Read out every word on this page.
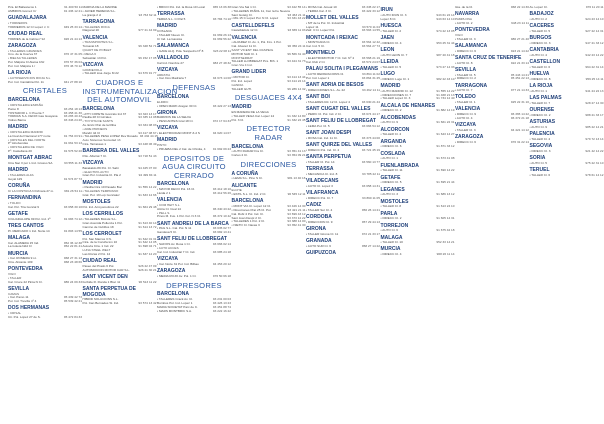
Pza. El Ballesteros 1	91 400 50 11
AMBROS Gomez C/	91 436 12 21
GUADALAJARA
• TORREROS
TORREROS 12 C/ Lopez J. C	949 25 33 14
CIUDAD REAL
TORRES de la Cabra n°12	926 21 44 13
ZARAGOZA
• TALLERES GRANDES
Cno. de la Cuerva 37	976 47 31 05
• BIELSA TALLERES
Pol. Malpica Cl Alama 1Nz	976 57 36 04
Pol. Ind. Malpica 1 /	976 46 70 12
LA RIOJA
• AUTOSERVICIOS RIOJA S.L
Pol. Ind. Cantabria Pol. 11	941 27 88 10
CRISTALES
BARCELONA
• CRISTALERIA ESPAÑA
Pamo 8	93 254 18 13
TOSTADOR L. C Puerta 7	93 458 41 30
TORRAS S.A. FENIX Gas Guayana 93 265 40 43
Vidres Barna	93 346 24 20
MADRID
• CRISTALERIA MADRID
La Cual del Nacional 177 norte	91 754 03 91
• CRISTALES DEL NORTE
Pº Alcobendas	91 661 53 13
• CRISTALERIA DE VIGO
Pº. Castellana 20	91 576 52 20
MONTGAT ABRAC
Ctra Nac II por L Ind. Grosso SA	93 555 11 33
MADRID
• TALLERES ALFA
Goyal 129	91 574 87 73
CORUÑA
C/ LA COSTUCA N D/mara 27 m.	981 26 54 11
FERNANDINA
• TOLDO
Cal. Pol. Tria Gonzal 9	93 658 30 10
GETAFE
C/GUADALUPE 99 Pol. Ind. 1ª	91 683 74 12
TRES CANTOS
Pl. MERCADO 1 Ind. Norte 14	91 803 14 55
MALAGA
Cal. ALAMEDA 15 Ind.	952 36 12 38
La Goleta Ndd C/	952 22 81 41
MURCIA
• Cal. ROMERA 9 s.l.	968 27 31 13
Ctra. Alicante 109	968 23 48 66
PONTEVEDRA
VIGO
• TALLER
Cal. Cruce 22 Pinta N Cl.	986 24 09 33
SEVILLA
CAMAS
• Cal. Pamo 11	95 439 42 73
Pol. Ind. Trevilla nº 4	95 539 42 21
DOS HERMANAS
• CRISAL
Ctr. Pol. Lopez 27 de S.	95 472 84 33
MARINA DE LA MARINE
• JAVIER HEREDIA S.L.
La granja 2 cl	93 763 62 11
TARRAGONA
• TALLERES ROCA
Diagonal 20	977 21 44 99
VALENCIA
• TRANSPORTES S.L.
Tomacat 18	96 348 52 71
QUART DE POBLET
• MEGA 6
Sebastián 13 Pol.	96 152 17 05
VIZCAYA
GORDEXOLA
• TALLER Lisa Jorge M 22	94 679 91 77
CUADROS E INSTRUMENTALIZACION DEL AUTOMOVIL
BARCELONA
• ATTI COPETE Gonzalo Ind 37	93 323 13 17
Pasilla 28 Cl Girrales	93 335 14 08
• TOYOTA DE SANTS
Av. Enric Prat de la Riba	93 334 08 03
• AIRE PIRINEOS
Mandri 44 Cl	93 417 08 67
• TALLERES PESA LOPEZ Rev Rosado 93 432 44 15
Auto Sistemas Sociedad 13
Ctra. Tarrassas 1	93 448 06 49
BARBERA DEL VALLES
Pdo. Alfarrat 7 Cl.	93 718 51 43
VIZCAYA
Barakaldo 89 Pol. Cl. Sabi	94 425 07 00
• ELECTRO-AUTO
Gran Pol. Industria Cl. Pla 2	94 499 84 11
MADRID
• Pasilla Ctra 10 Pasado Boc	91 556 14 22
• TALLERES TEMPRANO
Gral. Pol. 19 Lop Gonzalez	91 633 12 66
MOSTOLES
Pol. Ind. Arroyomolinos 22	91 664 29 48
LOS CERRILLOS
• TALLERES BALLE S.L.
Gran Avenida Pollenza 1 Pol.	91 613 40 14
Camino de Cubillos 18	91 614 13 72
LOS CERROLET
Pol. San Marcos 3 N.	91 642 01 31
Ctra. de la Coruña km 10	91 642 14 05
Autovía Ctra. 1 Ind. 22	91 698 04 71
LUNA STEEL WELT
Las Rozas 2 Pol. 12	91 637 12 20
CIUDAD REAL
Paseo del Prado 6 Pol.	926 22 47 09
AUTOMOCION MOTOR CAR S.L.	926 21 30 21
SANT VICENT DEN
Iturbide R. Ronda 1 Bloc 11	96 513 11 22
SANTA PERPETUA DE MOGODA
HIBRID SOLUCIONS S.L.
Pol. Can Bernades Sl. Ind.	93 574 13 42
• BRICO Pol. Ind. la Rosa 10 Local	965 13 06 38
TERRASSA
TERRA S.L. Cl Pal 5	93 784 74 10
MADRID
COSLADA
• TALLER Nuevo Cl.	91 669 26 13
C/ Ind. La Gaviota	91 669 56 22
SALAMANCA
• GAVE ALQ. Pda. Sanpedro Nº 8	923 22 08 11
VALLADOLID
Cal Ind. Nombre 27	983 27 48 32
VIZCAYA
ARRATIA
• Cal. Dos Madraza 7	94 673 14 00
DEFENSAS
BARCELONA
ELDRIC
• OPEN MARK Aragon 30 Cl.	93 422 27 13
GIRONA
BARRIOS DE LA SELVA
• PESCANTES Gral 18 Cl.	972 17 64 33
VIZCAYA
• ELECTRICIDAD MONT Z-2 S	94 620 14 07
MADRID
PINTO
• PRUEBA DEL 2 Cal. de Chinita, 4 91 692 09 23
DEPOSITOS DE AGUA CIRCUITO CERRADO
BARCELONA
• MAYOR DECO Pol. 16 Cl.	93 412 18 10
Lleida 2 1	93 412 56 26
VALENCIA
• COM HEIT S.L.
Alcira Cl. Cual 14	96 340 43 22
• PELL S.
Pinos M. Fus. 1 Pol. Fol. N 3 Cl.	96 372 10 42
SANT ANDREU DE LA BARCA
• PAG S.L. Cal. Pol. N 11	93 635 02 77
Gandesa 5 Cl.	93 682 13 41
SANT FELIU DE LLOBREGAT
• SAFIOS Av. Rosa 1 Cl.	93 666 02 14
• AUTO ACCES
Cal. Ind. Industrial 7 Cl. Ind.	93 685 24 18
VIZCAYA
• Cal. Norte 31 Pol. Ind. Bilbao	94 453 20 12
ZARAGOZA
• MEDIA ROJO Av. Pol. 1 Cl.	976 50 66 18
DEPRESORES
BARCELONA
• TALLERES Crack Av. Cl.	93 231 00 03
Burnitos Pol. Ind. Lopez 1	93 426 13 23
MARIA SOCIETAT Parc de C.	93 451 88 74
• MARS MONTBRIC S.A.	93 222 16 22
Gran Vía Sal 1 Cl.	93 422 55 14
• TALLERES PAÑOL 11, Cal. la Fe Nevera
Sant Goteig Cl.	93 463 21 11
• MG 15 C Lopez Pol. N Cl. Lopez	93 331 43 22
CASTELLDEFELS
Castelldefels 12 Cl.	93 665 11 03
VALENCIA
• ALVAREZ Cl. Av. 1, Pol. Fcs. 1 Pol.
Cal. Alvarez 11 Cl.	96 356 24 11
SANT VICENT DEL RASPEIG
MOTOR SAD Cl. 1	96 566 31 40
MONTSERRAT
TALLER LLOBREGAT Pcs. Brh. 1	93 424 31 73
Gran Vía 4 Ind.
GRAND LIDER
• MOTOR Cl.	93 414 13 44
Pol. Ind. Lopez	93 414 22 14
GANDIA
TALLER GUTI.	96 286 14 32
DESGUACES 4X4
MADRID
EN MADERA DE LA VEGA
• TALLER VEGA Cal. Lopez 14	91 332 14 80
Pol. 3 Cl.	91 332 22 45
DETECTOR RADAR
BARCELONA
• AUTO RADAR Fra Cl.	93 351 41 13
Cortes 2 Cl.	93 354 09 21
DIRECCIONES
A CORUÑA
• LEMA S.L. Pino S Cl.	981 13 40 16
ALICANTE
ELCHE
• ESTIL S.L. Cl. Ind. 2 Cl.	96 545 12 11
BARCELONA
• MONT VIA Cl. Lopez 12 Cl.	93 426 14 30
• Direcciones Prat 25 Cl. Pol.	93 421 21 11
Cal. Rubí 4 Pol. Ind. Cl.	93 699 43 12
Sant Joan Despí 2 Cl.	93 373 12 22
• TALLERES 1 Pol. 2 Cl.	93 388 14 00
• NIETO Cl. Navas 3	93 352 41 30
• ROSA Cal. Ameal 10	93 345 22 17
• TERRA Cal. 3 Cl.	93 422 33 12
MOLLET DEL VALLES
• MT de la Pol. Cl. Industrial
Lopez 11	93 570 11 04
Zafr. 3 Cl. Lopez Pol.	93 593 14 55
MONTCADA I REIXAC
• MONTCADA Cl.	93 564 12 42
Cal. Ind. 5 Cl.	93 564 27 73
MONTMELO
• ELECTROMOTOR 7 Cl. Ind. Nº 4	93 568 21 19
Cal. Rub 2 Cl.	93 572 24 07
PALAU SOLITA I PLEGAMANS
• AUTO REPARACIONS Cl.	93 864 11 02
Pol. Ind. Lopez 1	93 864 31 25
SANT ADRIA DE BESOS
• DIRECCIONES S.L. Av. 22	93 462 14 11
SANT BOI
• TALLERES Rd. 12 Cl. Lopez 4	93 630 21 44
SANT CUGAT DEL VALLES
• PERIC Cl. Pol. Ind. 2 Cl.	93 674 44 17
SANT FELIU DE LLOBREGAT
• LEMA Pol. Cl. 5	93 666 54 12
SANT JOAN DESPI
• ROSA Cal. Ind. 11 Cl.	93 373 44 00
SANT QUIRZE DEL VALLES
• DIRECC Pol. Ind. Cl. 2	93 721 45 19
SANTA PERPETUA
• TALLER Cl. Pol. 14	93 560 13 77
TERRASSA
• MECANICA Cl. Ind. 8	93 785 22 11
VILADECANS
• AUTO Cl. Lopez 3	93 658 14 31
VILAFRANCA
• DIRECC Pol. Cl. 7	93 890 11 05
CADIZ
• TALLER Sur Cl. 4	956 26 14 21
CORDOBA
• DIRECCION Cl. 9	957 29 44 13
GIRONA
• TALLER Girona Cl. 11	972 21 33 17
GRANADA
• AUTO SUR Cl. 6	958 27 14 22
GUIPUZCOA
IRUN
• AUTO IRUN Cl. 3	943 61 22 14
Lopez 8 Cl.	943 63 14 10
HUESCA
• TALLER Cl. 2	974 22 13 05
JAEN
• DIRECC Cl. 4	953 25 31 44
LEON
• AUTO LEON Cl. 7	987 20 41 18
LLEIDA
• TALLER Cl. 5	973 27 14 33
LUGO
• DIRECC Lugo Cl. 1	982 22 43 10
MADRID
• AUTO MADRID Cl. 12	91 555 14 22
• DIRECCIONES Cl. 7	91 468 21 13
• TALLER Lopez Cl. 3	91 734 12 40
ALCALA DE HENARES
• DIRECC Cl. 2	91 882 14 19
ALCOBENDAS
• AUTO Cl. 9	91 661 22 31
ALCORCON
• TALLER Cl. 4	91 643 14 27
ARGANDA
• DIRECC Cl. 6	91 871 33 12
COSLADA
• AUTO Cl. 1	91 673 41 08
FUENLABRADA
• TALLER Cl. 11	91 690 14 22
GETAFE
• DIRECC Cl. 5	91 695 21 44
LEGANES
• AUTO Cl. 3	91 686 13 12
MOSTOLES
• TALLER Cl. 8	91 613 24 10
PARLA
• DIRECC Cl. 2	91 605 14 31
TORREJON
• AUTO Cl. 6	91 675 42 18
MALAGA
• TALLER Cl. 10	952 33 14 21
MURCIA
• DIRECC Cl. 4	968 26 11 14
Gta. de la Cl.	968 22 14 30
NAVARRA
PAMPLONA
• AUTO Cl. 2	948 23 14 11
PONTEVEDRA
VIGO
• TALLER Cl. 3	986 27 21 40
SALAMANCA
• DIRECC Cl. 6	923 21 14 22
SANTA CRUZ DE TENERIFE
• AUTO Cl. 8	922 21 33 14
SEVILLA
• TALLER Cl. 5	95 443 14 21
• DIRECC Cl. 2	95 451 22 13
TARRAGONA
• AUTO Cl. 7	977 21 14 33
TOLEDO
• TALLER Cl. 1	925 22 31 10
VALENCIA
• DIRECC Cl. 9	96 365 14 22
• AUTO Cl. 4	96 372 21 18
VIZCAYA
• TALLER Cl. 3	94 421 14 12
ZARAGOZA
• DIRECC Cl. 6	976 31 22 14
Av. Lopez Cl.	976 11 20 11
BADAJOZ
• AUTO Cl. 2	924 23 14 10
CACERES
• TALLER Cl. 5	927 22 14 31
BURGOS
• DIRECC Cl. 3	947 21 33 12
CANTABRIA
• AUTO Cl. 4	942 23 14 22
CASTELLON
• TALLER Cl. 6	964 22 31 14
HUELVA
• DIRECC Cl. 8	959 25 14 11
LA RIOJA
• AUTO Cl. 1	941 24 22 13
LAS PALMAS
• TALLER Cl. 7	928 27 14 30
OURENSE
• DIRECC Cl. 2	988 21 33 17
ASTURIAS
• AUTO Cl. 9	985 22 14 21
PALENCIA
• TALLER Cl. 4	979 72 13 14
SEGOVIA
• DIRECC Cl. 3	921 42 14 22
SORIA
• AUTO Cl. 5	975 22 31 10
TERUEL
• TALLER Cl. 6	978 61 14 12
